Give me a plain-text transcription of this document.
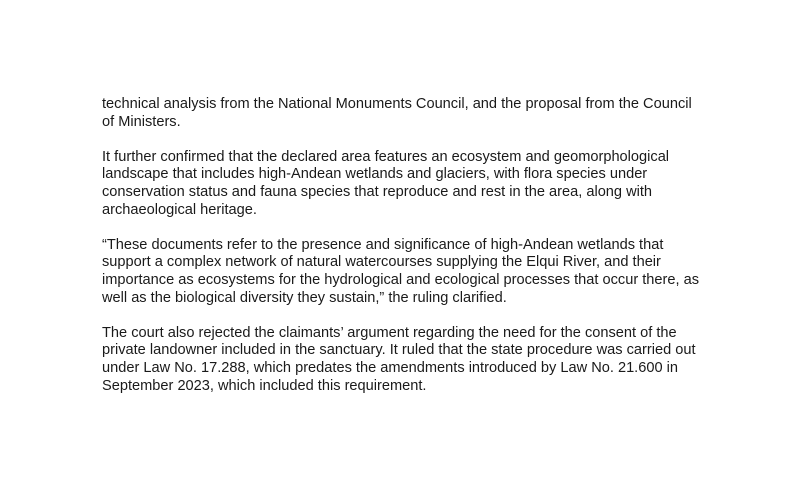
technical analysis from the National Monuments Council, and the proposal from the Council of Ministers.

It further confirmed that the declared area features an ecosystem and geomorphological landscape that includes high-Andean wetlands and glaciers, with flora species under conservation status and fauna species that reproduce and rest in the area, along with archaeological heritage.

“These documents refer to the presence and significance of high-Andean wetlands that support a complex network of natural watercourses supplying the Elqui River, and their importance as ecosystems for the hydrological and ecological processes that occur there, as well as the biological diversity they sustain,” the ruling clarified.

The court also rejected the claimants’ argument regarding the need for the consent of the private landowner included in the sanctuary. It ruled that the state procedure was carried out under Law No. 17.288, which predates the amendments introduced by Law No. 21.600 in September 2023, which included this requirement.
